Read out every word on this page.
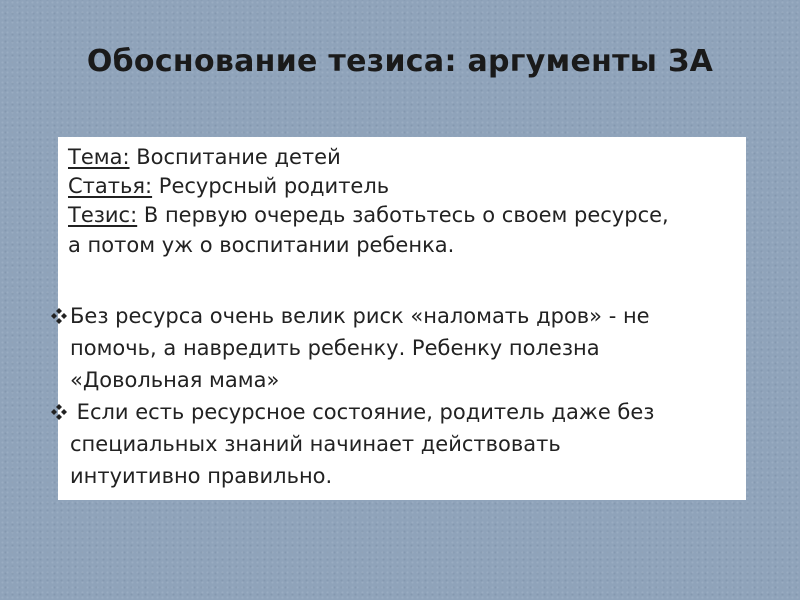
Обоснование тезиса: аргументы ЗА
Тема: Воспитание детей
Статья: Ресурсный родитель
Тезис: В первую очередь заботьтесь о своем ресурсе,
а потом уж о воспитании ребенка.
Без ресурса очень велик риск «наломать дров» - не
помочь, а навредить ребенку. Ребенку полезна
«Довольная мама»
Если есть ресурсное состояние, родитель даже без
специальных знаний начинает действовать
интуитивно правильно.
